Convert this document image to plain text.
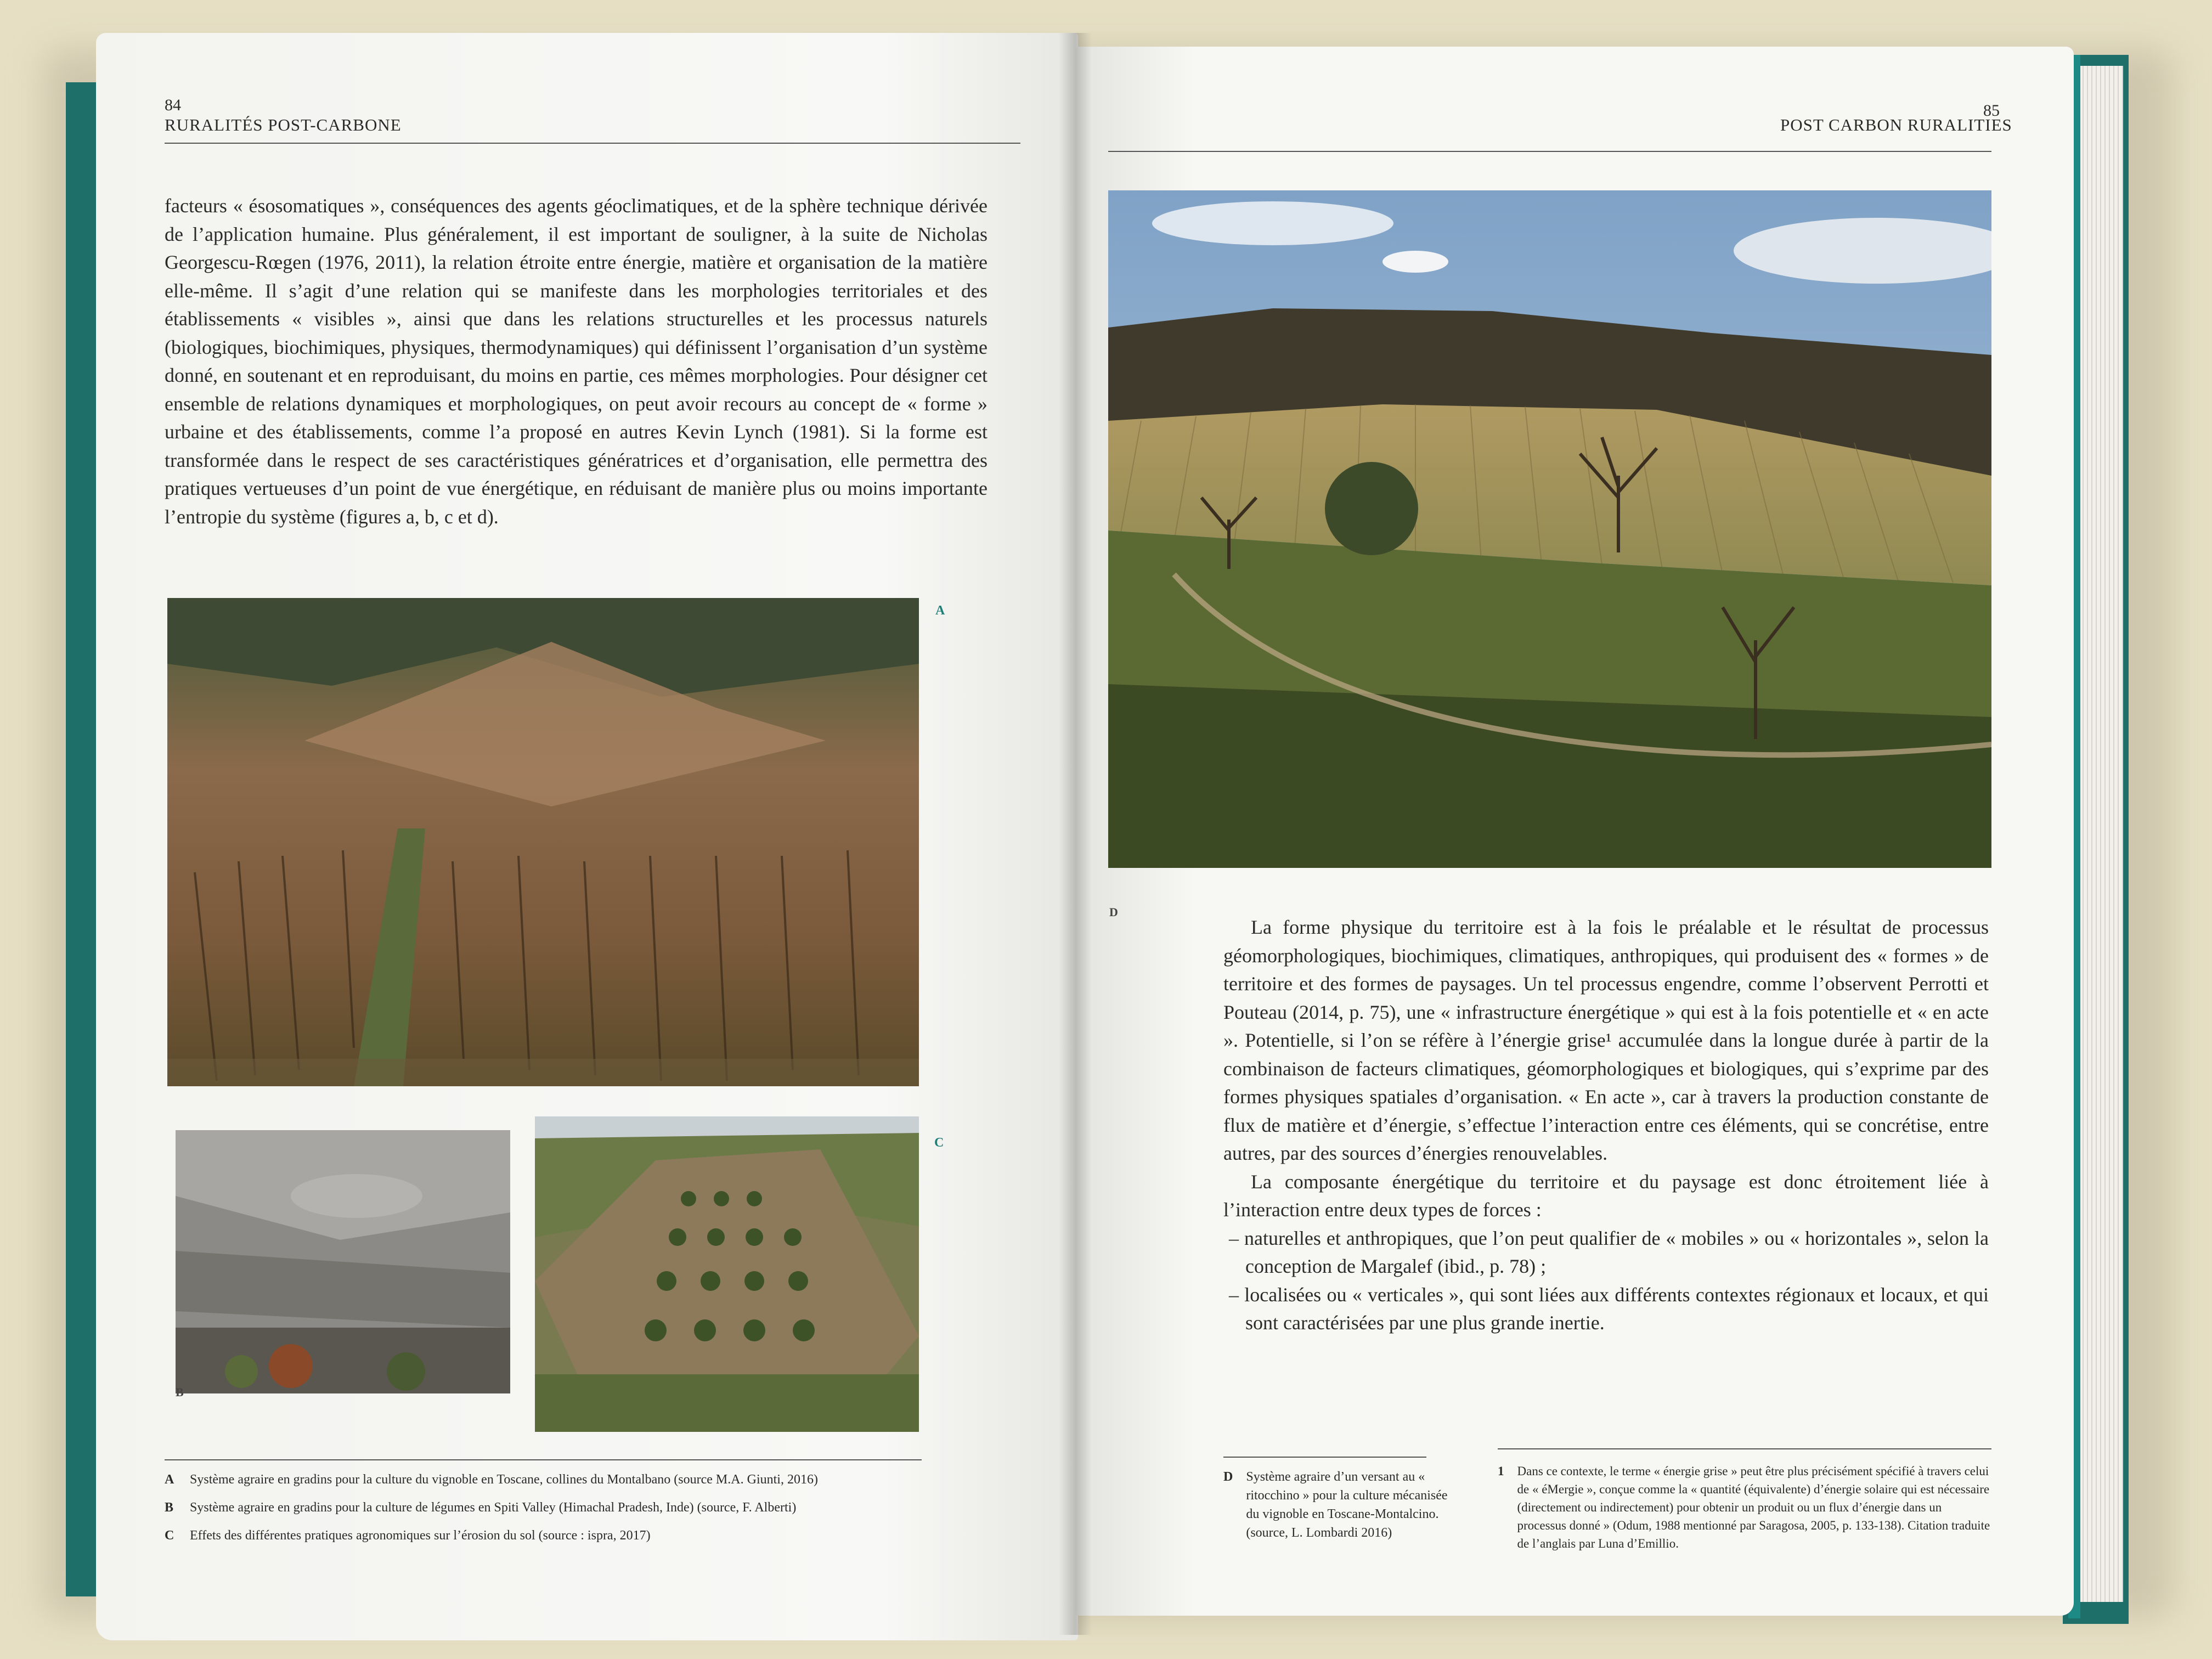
84
RURALITÉS POST-CARBONE

facteurs « ésosomatiques », conséquences des agents géoclimatiques, et de la sphère technique dérivée de l’application humaine. Plus généralement, il est important de souligner, à la suite de Nicholas Georgescu-Rœgen (1976, 2011), la relation étroite entre énergie, matière et organisation de la matière elle-même. Il s’agit d’une relation qui se manifeste dans les morphologies territoriales et des établissements « visibles », ainsi que dans les relations structurelles et les processus naturels (biologiques, biochimiques, physiques, thermodynamiques) qui définissent l’organisation d’un système donné, en soutenant et en reproduisant, du moins en partie, ces mêmes morphologies. Pour désigner cet ensemble de relations dynamiques et morphologiques, on peut avoir recours au concept de « forme » urbaine et des établissements, comme l’a proposé en autres Kevin Lynch (1981). Si la forme est transformée dans le respect de ses caractéristiques génératrices et d’organisation, elle permettra des pratiques vertueuses d’un point de vue énergétique, en réduisant de manière plus ou moins importante l’entropie du système (figures a, b, c et d).

A
B
C
A Système agraire en gradins pour la culture du vignoble en Toscane, collines du Montalbano (source M.A. Giunti, 2016)
B Système agraire en gradins pour la culture de légumes en Spiti Valley (Himachal Pradesh, Inde) (source, F. Alberti)
C Effets des différentes pratiques agronomiques sur l’érosion du sol (source : ispra, 2017)
85
POST CARBON RURALITIES
D

La forme physique du territoire est à la fois le préalable et le résultat de processus géomorphologiques, biochimiques, climatiques, anthropiques, qui produisent des « formes » de territoire et des formes de paysages. Un tel processus engendre, comme l’observent Perrotti et Pouteau (2014, p. 75), une « infrastructure énergétique » qui est à la fois potentielle et « en acte ». Potentielle, si l’on se réfère à l’énergie grise¹ accumulée dans la longue durée à partir de la combinaison de facteurs climatiques, géomorphologiques et biologiques, qui s’exprime par des formes physiques spatiales d’organisation. « En acte », car à travers la production constante de flux de matière et d’énergie, s’effectue l’interaction entre ces éléments, qui se concrétise, entre autres, par des sources d’énergies renouvelables.

La composante énergétique du territoire et du paysage est donc étroitement liée à l’interaction entre deux types de forces :

– naturelles et anthropiques, que l’on peut qualifier de « mobiles » ou « horizontales », selon la conception de Margalef (ibid., p. 78) ;

– localisées ou « verticales », qui sont liées aux différents contextes régionaux et locaux, et qui sont caractérisées par une plus grande inertie.

D Système agraire d’un versant au « ritocchino » pour la culture mécanisée du vignoble en Toscane-Montalcino. (source, L. Lombardi 2016)
1 Dans ce contexte, le terme « énergie grise » peut être plus précisément spécifié à travers celui de « éMergie », conçue comme la « quantité (équivalente) d’énergie solaire qui est nécessaire (directement ou indirectement) pour obtenir un produit ou un flux d’énergie dans un processus donné » (Odum, 1988 mentionné par Saragosa, 2005, p. 133-138). Citation traduite de l’anglais par Luna d’Emillio.
